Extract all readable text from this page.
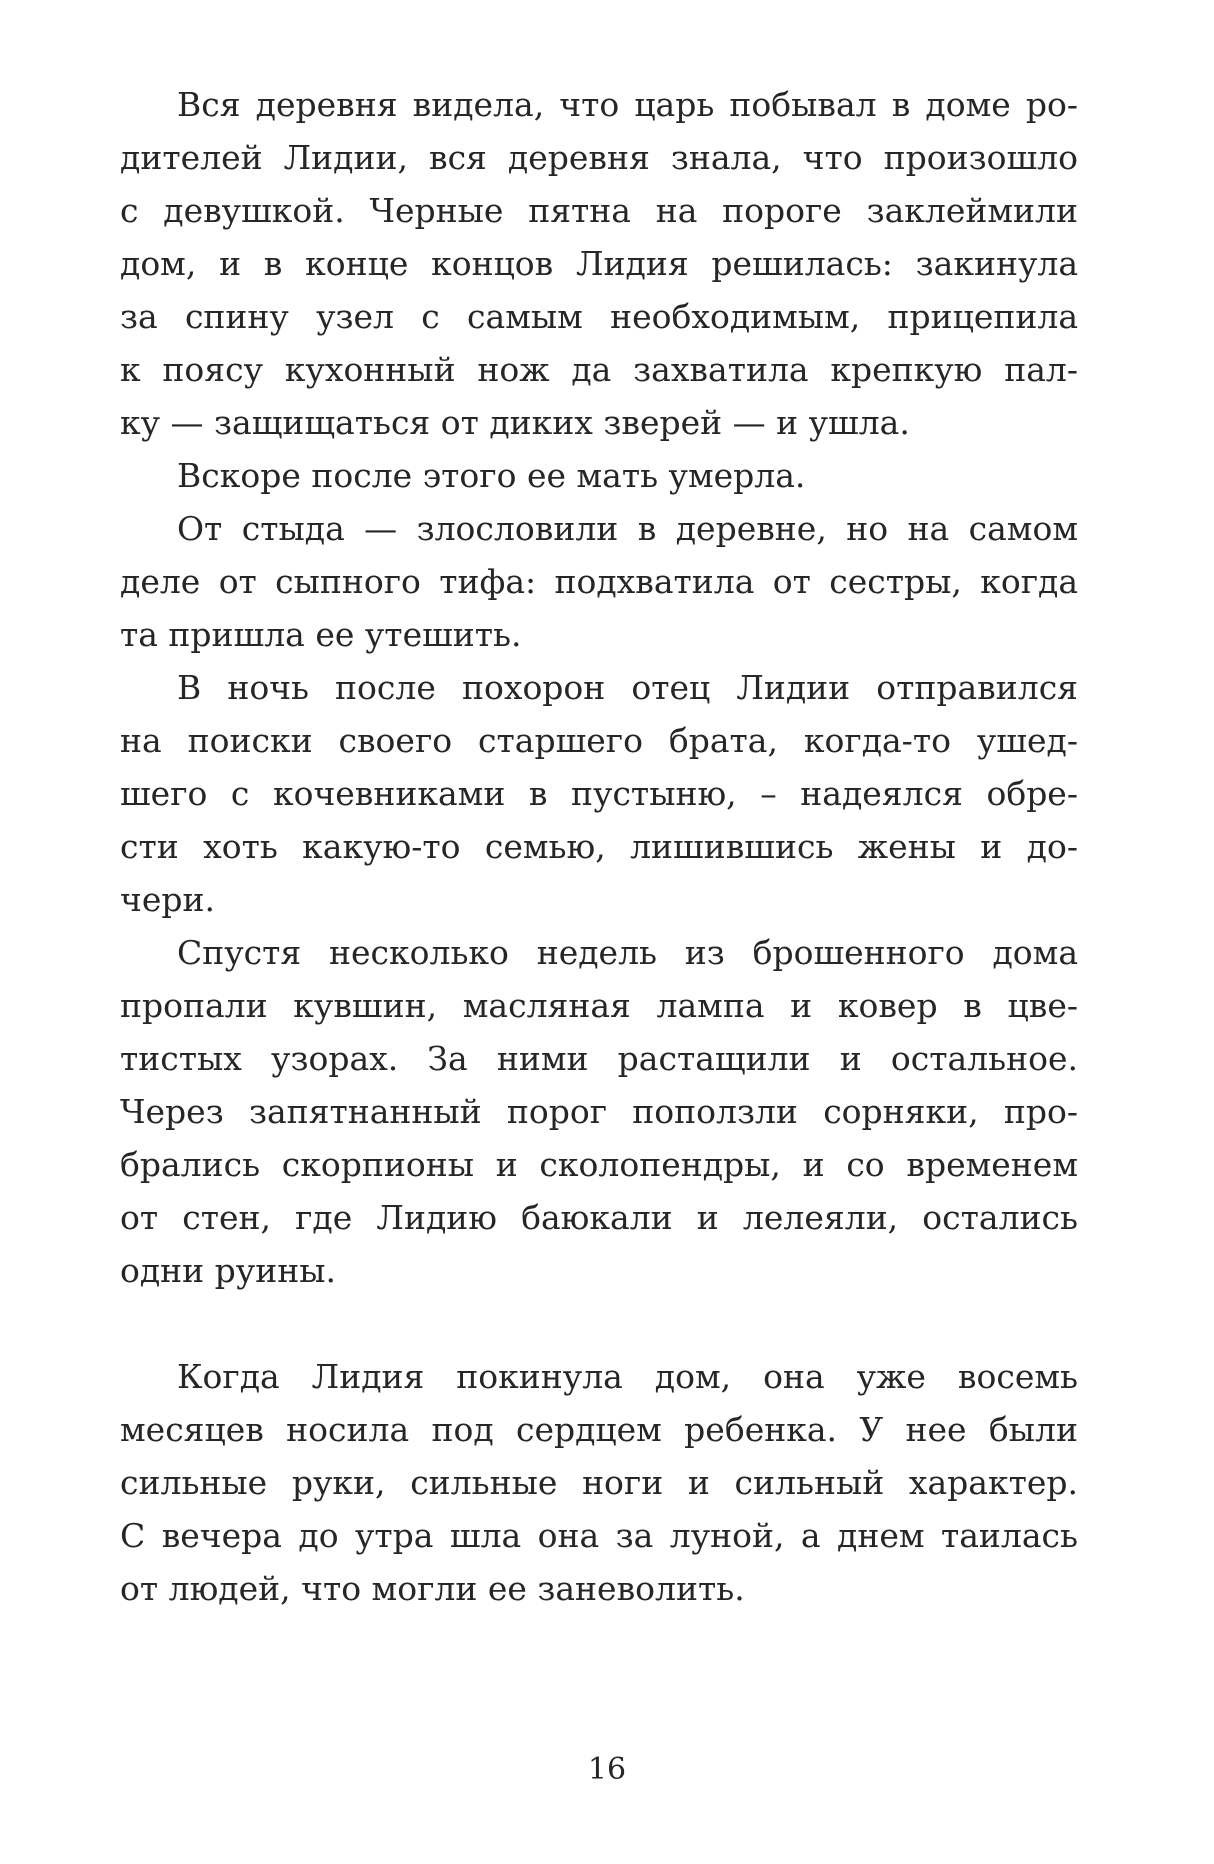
Вся деревня видела, что царь побывал в доме ро-
дителей Лидии, вся деревня знала, что произошло
с девушкой. Черные пятна на пороге заклеймили
дом, и в конце концов Лидия решилась: закинула
за спину узел с самым необходимым, прицепила
к поясу кухонный нож да захватила крепкую пал-
ку — защищаться от диких зверей — и ушла.
Вскоре после этого ее мать умерла.
От стыда — злословили в деревне, но на самом
деле от сыпного тифа: подхватила от сестры, когда
та пришла ее утешить.
В ночь после похорон отец Лидии отправился
на поиски своего старшего брата, когда-то ушед-
шего с кочевниками в пустыню, – надеялся обре-
сти хоть какую-то семью, лишившись жены и до-
чери.
Спустя несколько недель из брошенного дома
пропали кувшин, масляная лампа и ковер в цве-
тистых узорах. За ними растащили и остальное.
Через запятнанный порог поползли сорняки, про-
брались скорпионы и сколопендры, и со временем
от стен, где Лидию баюкали и лелеяли, остались
одни руины.
Когда Лидия покинула дом, она уже восемь
месяцев носила под сердцем ребенка. У нее были
сильные руки, сильные ноги и сильный характер.
С вечера до утра шла она за луной, а днем таилась
от людей, что могли ее заневолить.
16
